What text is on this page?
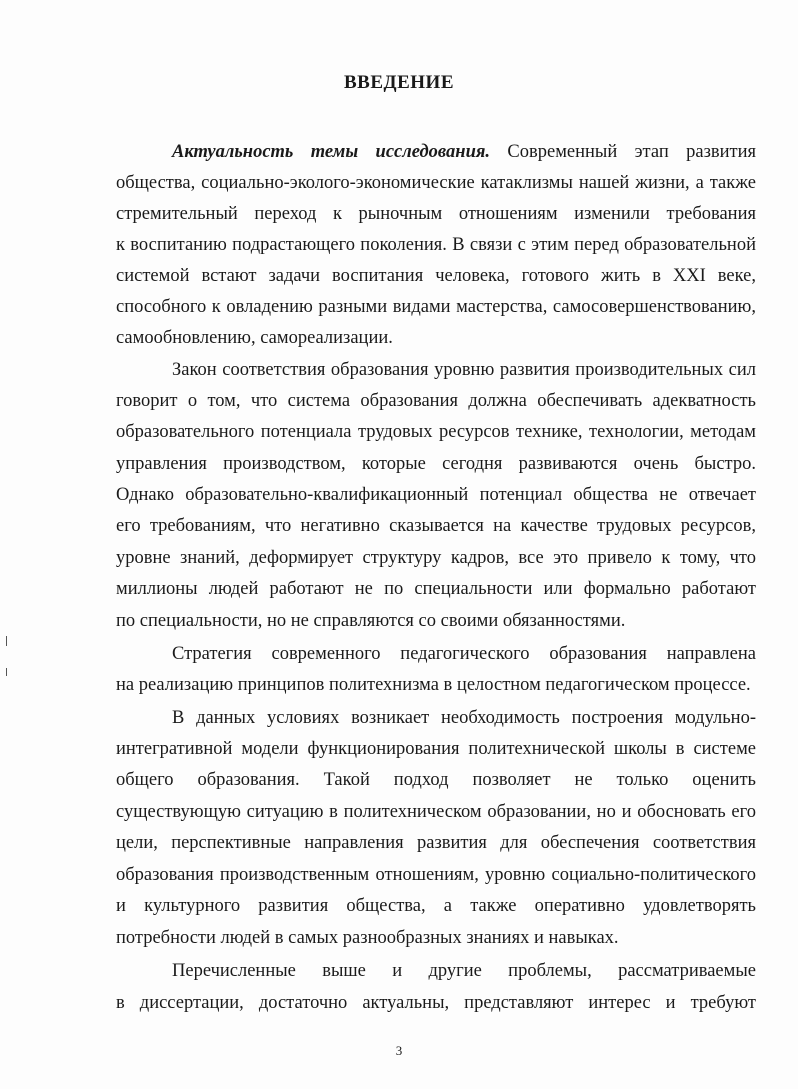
ВВЕДЕНИЕ
Актуальность темы исследования. Современный этап развития
общества, социально-эколого-экономические катаклизмы нашей жизни, а также
стремительный переход к рыночным отношениям изменили требования
к воспитанию подрастающего поколения. В связи с этим перед образовательной
системой встают задачи воспитания человека, готового жить в XXI веке,
способного к овладению разными видами мастерства, самосовершенствованию,
самообновлению, самореализации.
Закон соответствия образования уровню развития производительных сил
говорит о том, что система образования должна обеспечивать адекватность
образовательного потенциала трудовых ресурсов технике, технологии, методам
управления производством, которые сегодня развиваются очень быстро.
Однако образовательно-квалификационный потенциал общества не отвечает
его требованиям, что негативно сказывается на качестве трудовых ресурсов,
уровне знаний, деформирует структуру кадров, все это привело к тому, что
миллионы людей работают не по специальности или формально работают
по специальности, но не справляются со своими обязанностями.
Стратегия современного педагогического образования направлена
на реализацию принципов политехнизма в целостном педагогическом процессе.
В данных условиях возникает необходимость построения модульно-
интегративной модели функционирования политехнической школы в системе
общего образования. Такой подход позволяет не только оценить
существующую ситуацию в политехническом образовании, но и обосновать его
цели, перспективные направления развития для обеспечения соответствия
образования производственным отношениям, уровню социально-политического
и культурного развития общества, а также оперативно удовлетворять
потребности людей в самых разнообразных знаниях и навыках.
Перечисленные выше и другие проблемы, рассматриваемые
в диссертации, достаточно актуальны, представляют интерес и требуют
3
